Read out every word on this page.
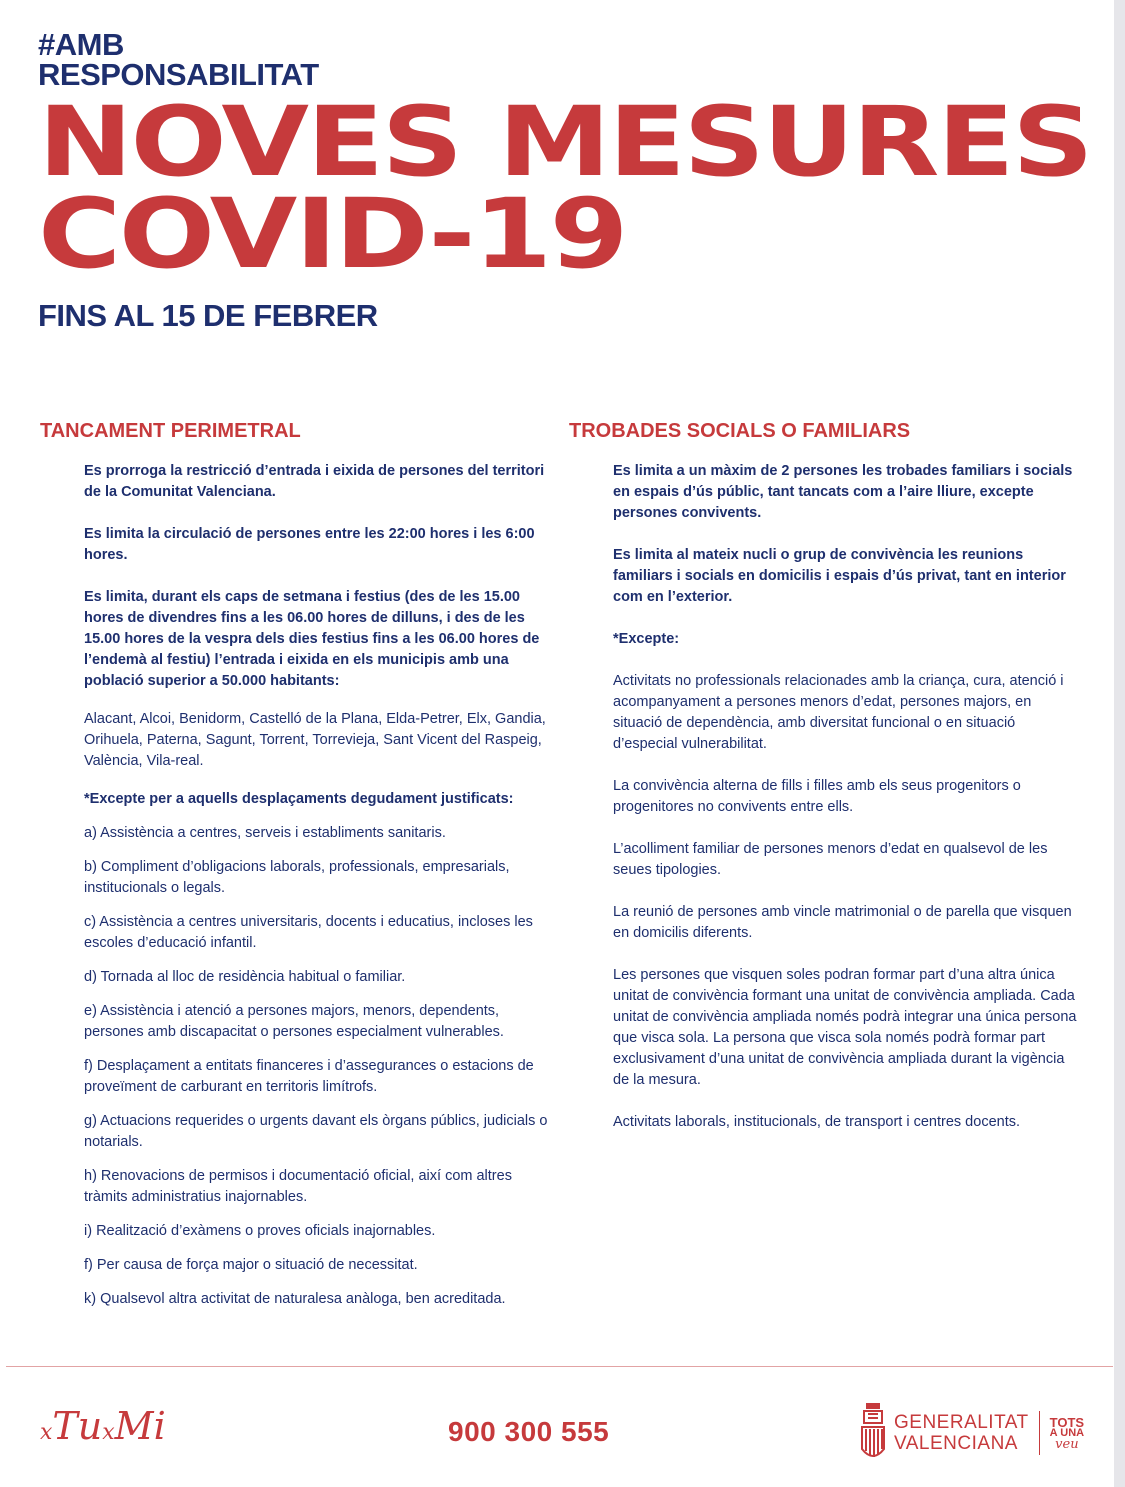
#AMB
RESPONSABILITAT
NOVES MESURES
COVID-19
FINS AL 15 DE FEBRER
TANCAMENT PERIMETRAL

Es prorroga la restricció d’entrada i eixida de persones del territori de la Comunitat Valenciana.

Es limita la circulació de persones entre les 22:00 hores i les 6:00 hores.

Es limita, durant els caps de setmana i festius (des de les 15.00 hores de divendres fins a les 06.00 hores de dilluns, i des de les 15.00 hores de la vespra dels dies festius fins a les 06.00 hores de l’endemà al festiu) l’entrada i eixida en els municipis amb una població superior a 50.000 habitants:

Alacant, Alcoi, Benidorm, Castelló de la Plana, Elda-Petrer, Elx, Gandia, Orihuela, Paterna, Sagunt, Torrent, Torrevieja, Sant Vicent del Raspeig, València, Vila-real.

*Excepte per a aquells desplaçaments degudament justificats:

a) Assistència a centres, serveis i establiments sanitaris.

b) Compliment d’obligacions laborals, professionals, empresarials, institucionals o legals.

c) Assistència a centres universitaris, docents i educatius, incloses les escoles d’educació infantil.

d) Tornada al lloc de residència habitual o familiar.

e) Assistència i atenció a persones majors, menors, dependents, persones amb discapacitat o persones especialment vulnerables.

f) Desplaçament a entitats financeres i d’assegurances o estacions de proveïment de carburant en territoris limítrofs.

g) Actuacions requerides o urgents davant els òrgans públics, judicials o notarials.

h) Renovacions de permisos i documentació oficial, així com altres tràmits administratius inajornables.

i) Realització d’exàmens o proves oficials inajornables.

f) Per causa de força major o situació de necessitat.

k) Qualsevol altra activitat de naturalesa anàloga, ben acreditada.

TROBADES SOCIALS O FAMILIARS

Es limita a un màxim de 2 persones les trobades familiars i socials en espais d’ús públic, tant tancats com a l’aire lliure, excepte persones convivents.

Es limita al mateix nucli o grup de convivència les reunions familiars i socials en domicilis i espais d’ús privat, tant en interior com en l’exterior.

*Excepte:

Activitats no professionals relacionades amb la criança, cura, atenció i acompanyament a persones menors d’edat, persones majors, en situació de dependència, amb diversitat funcional o en situació d’especial vulnerabilitat.

La convivència alterna de fills i filles amb els seus progenitors o progenitores no convivents entre ells.

L’acolliment familiar de persones menors d’edat en qualsevol de les seues tipologies.

La reunió de persones amb vincle matrimonial o de parella que visquen en domicilis diferents.

Les persones que visquen soles podran formar part d’una altra única unitat de convivència formant una unitat de convivència ampliada. Cada unitat de convivència ampliada només podrà integrar una única persona que visca sola. La persona que visca sola només podrà formar part exclusivament d’una unitat de convivència ampliada durant la vigència de la mesura.

Activitats laborals, institucionals, de transport i centres docents.

xTuxMi	900 300 555	GENERALITAT
VALENCIANA
TOTS
A UNA
veu
